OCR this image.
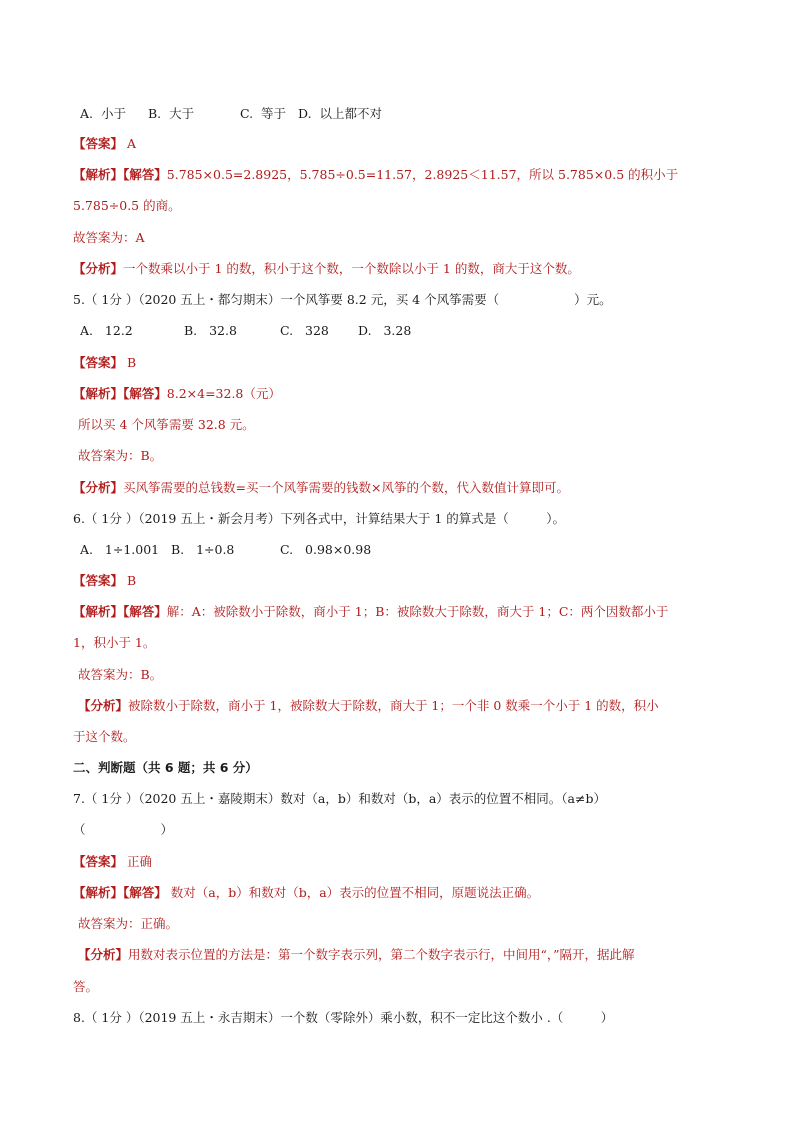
A.  小于 B.  大于	C.  等于 D.  以上都不对
【答案】 A
【解析】【解答】5.785×0.5=2.8925，5.785÷0.5=11.57，2.8925＜11.57，所以 5.785×0.5 的积小于
5.785÷0.5 的商。
故答案为：A
【分析】一个数乘以小于 1 的数，积小于这个数，一个数除以小于 1 的数，商大于这个数。
5.（ 1分 ）（2020 五上・都匀期末）一个风筝要 8.2 元，买 4 个风筝需要（　　　　　　）元。
A.   12.2	B.   32.8	C.   328 D.   3.28
【答案】 B
【解析】【解答】8.2×4=32.8（元）
所以买 4 个风筝需要 32.8 元。
故答案为：B。
【分析】买风筝需要的总钱数=买一个风筝需要的钱数×风筝的个数，代入数值计算即可。
6.（ 1分 ）（2019 五上・新会月考）下列各式中，计算结果大于 1 的算式是（　　　）。
A.   1÷1.001 B.   1÷0.8	C.   0.98×0.98
【答案】 B
【解析】【解答】解：A：被除数小于除数，商小于 1；B：被除数大于除数，商大于 1；C：两个因数都小于
1，积小于 1。
故答案为：B。
【分析】被除数小于除数，商小于 1，被除数大于除数，商大于 1；一个非 0 数乘一个小于 1 的数，积小
于这个数。
二、判断题（共 6 题；共 6 分）
7.（ 1分 ）（2020 五上・嘉陵期末）数对（a，b）和数对（b，a）表示的位置不相同。（a≠b）
（　　　　　　）
【答案】 正确
【解析】【解答】 数对（a，b）和数对（b，a）表示的位置不相同，原题说法正确。
故答案为：正确。
【分析】用数对表示位置的方法是：第一个数字表示列，第二个数字表示行，中间用“，”隔开，据此解
答。
8.（ 1分 ）（2019 五上・永吉期末）一个数（零除外）乘小数，积不一定比这个数小 .（　　　）
